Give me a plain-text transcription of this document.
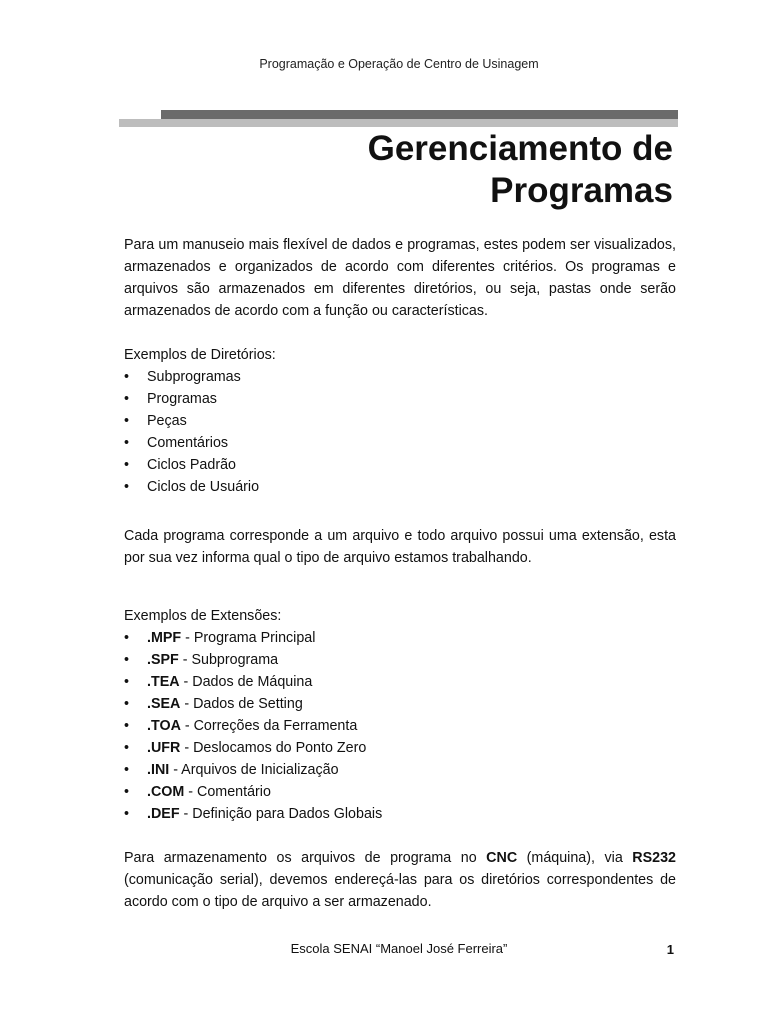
Programação e Operação de Centro de Usinagem
Gerenciamento de
Programas

Para um manuseio mais flexível de dados e programas, estes podem ser visualizados, armazenados e organizados de acordo com diferentes critérios. Os programas e arquivos são armazenados em diferentes diretórios, ou seja, pastas onde serão armazenados de acordo com a função ou características.

Exemplos de Diretórios:

• Subprogramas
• Programas
• Peças
• Comentários
• Ciclos Padrão
• Ciclos de Usuário

Cada programa corresponde a um arquivo e todo arquivo possui uma extensão, esta por sua vez informa qual o tipo de arquivo estamos trabalhando.

Exemplos de Extensões:

• .MPF - Programa Principal
• .SPF - Subprograma
• .TEA - Dados de Máquina
• .SEA - Dados de Setting
• .TOA - Correções da Ferramenta
• .UFR - Deslocamos do Ponto Zero
• .INI - Arquivos de Inicialização
• .COM - Comentário
• .DEF - Definição para Dados Globais

Para armazenamento os arquivos de programa no CNC (máquina), via RS232 (comunicação serial), devemos endereçá-las para os diretórios correspondentes de acordo com o tipo de arquivo a ser armazenado.

Escola SENAI “Manoel José Ferreira”	1
